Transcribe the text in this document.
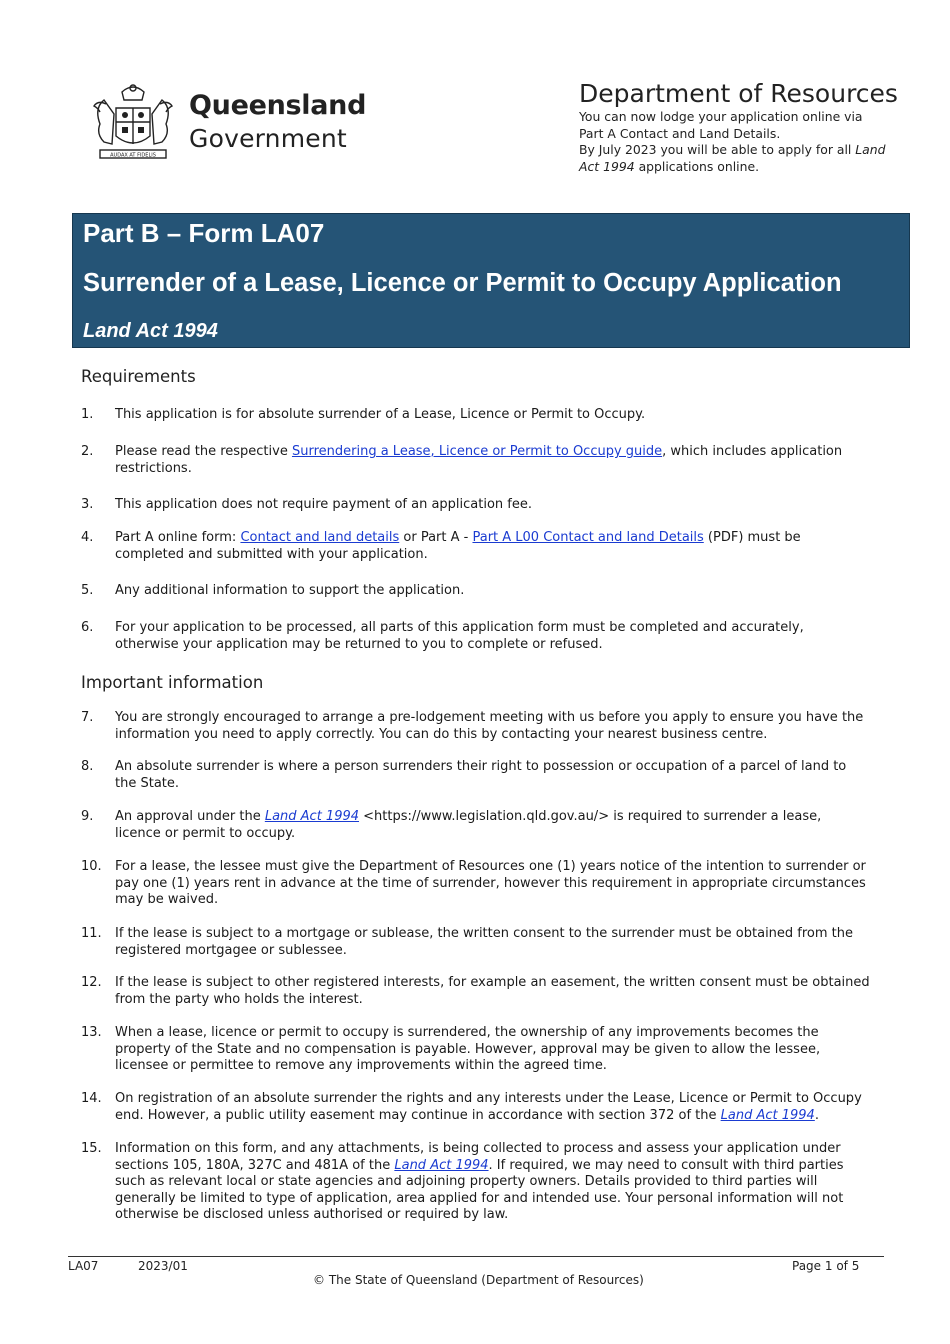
AUDAX AT FIDELIS
Queensland
Government
Department of Resources

You can now lodge your application online via
Part A Contact and Land Details.
By July 2023 you will be able to apply for all Land Act 1994 applications online.

Part B – Form LA07
Surrender of a Lease, Licence or Permit to Occupy Application
Land Act 1994
Requirements
1.	This application is for absolute surrender of a Lease, Licence or Permit to Occupy.
2.	Please read the respective Surrendering a Lease, Licence or Permit to Occupy guide, which includes application restrictions.
3.	This application does not require payment of an application fee.
4.	Part A online form: Contact and land details or Part A - Part A L00 Contact and land Details (PDF) must be completed and submitted with your application.
5.	Any additional information to support the application.
6.	For your application to be processed, all parts of this application form must be completed and accurately, otherwise your application may be returned to you to complete or refused.
Important information
7.	You are strongly encouraged to arrange a pre-lodgement meeting with us before you apply to ensure you have the information you need to apply correctly. You can do this by contacting your nearest business centre.
8.	An absolute surrender is where a person surrenders their right to possession or occupation of a parcel of land to the State.
9.	An approval under the Land Act 1994 <https://www.legislation.qld.gov.au/> is required to surrender a lease, licence or permit to occupy.
10.	For a lease, the lessee must give the Department of Resources one (1) years notice of the intention to surrender or pay one (1) years rent in advance at the time of surrender, however this requirement in appropriate circumstances may be waived.
11.	If the lease is subject to a mortgage or sublease, the written consent to the surrender must be obtained from the registered mortgagee or sublessee.
12.	If the lease is subject to other registered interests, for example an easement, the written consent must be obtained from the party who holds the interest.
13.	When a lease, licence or permit to occupy is surrendered, the ownership of any improvements becomes the property of the State and no compensation is payable. However, approval may be given to allow the lessee, licensee or permittee to remove any improvements within the agreed time.
14.	On registration of an absolute surrender the rights and any interests under the Lease, Licence or Permit to Occupy end. However, a public utility easement may continue in accordance with section 372 of the Land Act 1994.
15.	Information on this form, and any attachments, is being collected to process and assess your application under sections 105, 180A, 327C and 481A of the Land Act 1994. If required, we may need to consult with third parties such as relevant local or state agencies and adjoining property owners. Details provided to third parties will generally be limited to type of application, area applied for and intended use. Your personal information will not otherwise be disclosed unless authorised or required by law.
LA07	2023/01	Page 1 of 5
© The State of Queensland (Department of Resources)
